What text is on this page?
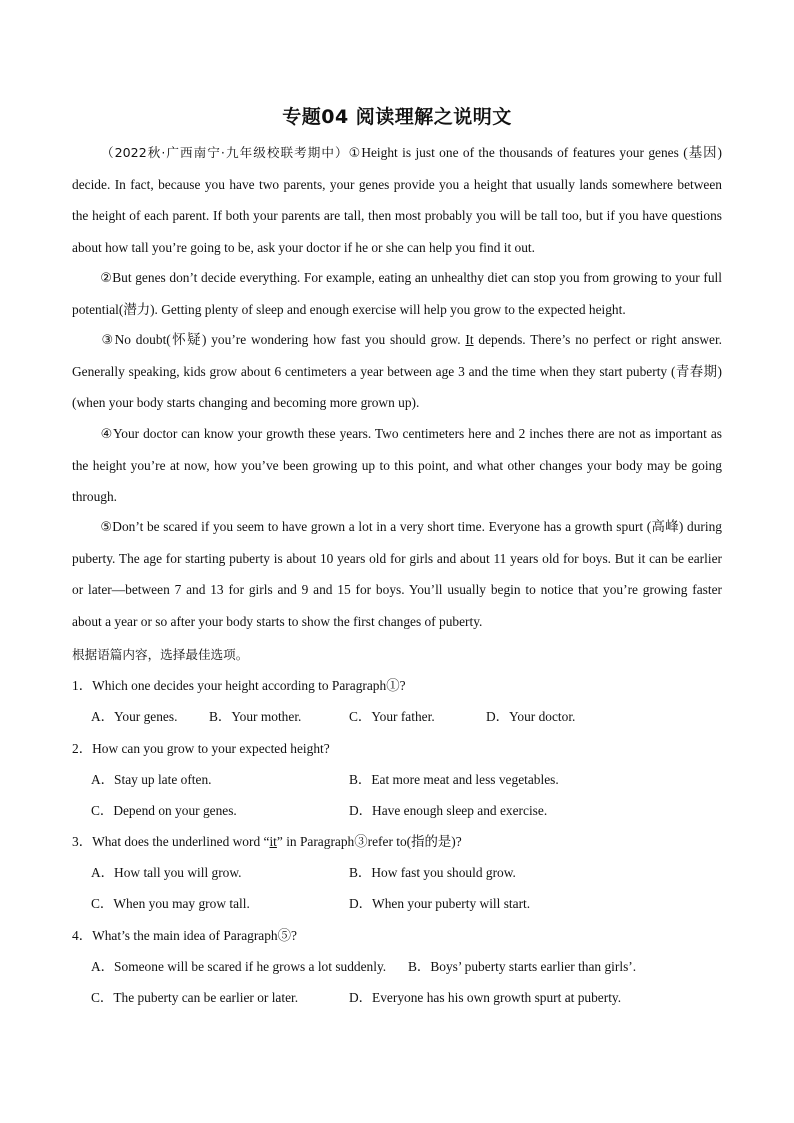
专题04 阅读理解之说明文

（2022秋·广西南宁·九年级校联考期中）①Height is just one of the thousands of features your genes (基因) decide. In fact, because you have two parents, your genes provide you a height that usually lands somewhere between the height of each parent. If both your parents are tall, then most probably you will be tall too, but if you have questions about how tall you’re going to be, ask your doctor if he or she can help you find it out.

②But genes don’t decide everything. For example, eating an unhealthy diet can stop you from growing to your full potential(潜力). Getting plenty of sleep and enough exercise will help you grow to the expected height.

③No doubt(怀疑) you’re wondering how fast you should grow. It depends. There’s no perfect or right answer. Generally speaking, kids grow about 6 centimeters a year between age 3 and the time when they start puberty (青春期) (when your body starts changing and becoming more grown up).

④Your doctor can know your growth these years. Two centimeters here and 2 inches there are not as important as the height you’re at now, how you’ve been growing up to this point, and what other changes your body may be going through.

⑤Don’t be scared if you seem to have grown a lot in a very short time. Everyone has a growth spurt (高峰) during puberty. The age for starting puberty is about 10 years old for girls and about 11 years old for boys. But it can be earlier or later—between 7 and 13 for girls and 9 and 15 for boys. You’ll usually begin to notice that you’re growing faster about a year or so after your body starts to show the first changes of puberty.

根据语篇内容，选择最佳选项。
1．Which one decides your height according to Paragraph①?
A．Your genes. B．Your mother.	C．Your father.	D．Your doctor.
2．How can you grow to your expected height?
A．Stay up late often.	B．Eat more meat and less vegetables.
C．Depend on your genes.	D．Have enough sleep and exercise.
3．What does the underlined word “it” in Paragraph③refer to(指的是)?
A．How tall you will grow.	B．How fast you should grow.
C．When you may grow tall.	D．When your puberty will start.
4．What’s the main idea of Paragraph⑤?
A．Someone will be scared if he grows a lot suddenly. B．Boys’ puberty starts earlier than girls’.
C．The puberty can be earlier or later.	D．Everyone has his own growth spurt at puberty.
